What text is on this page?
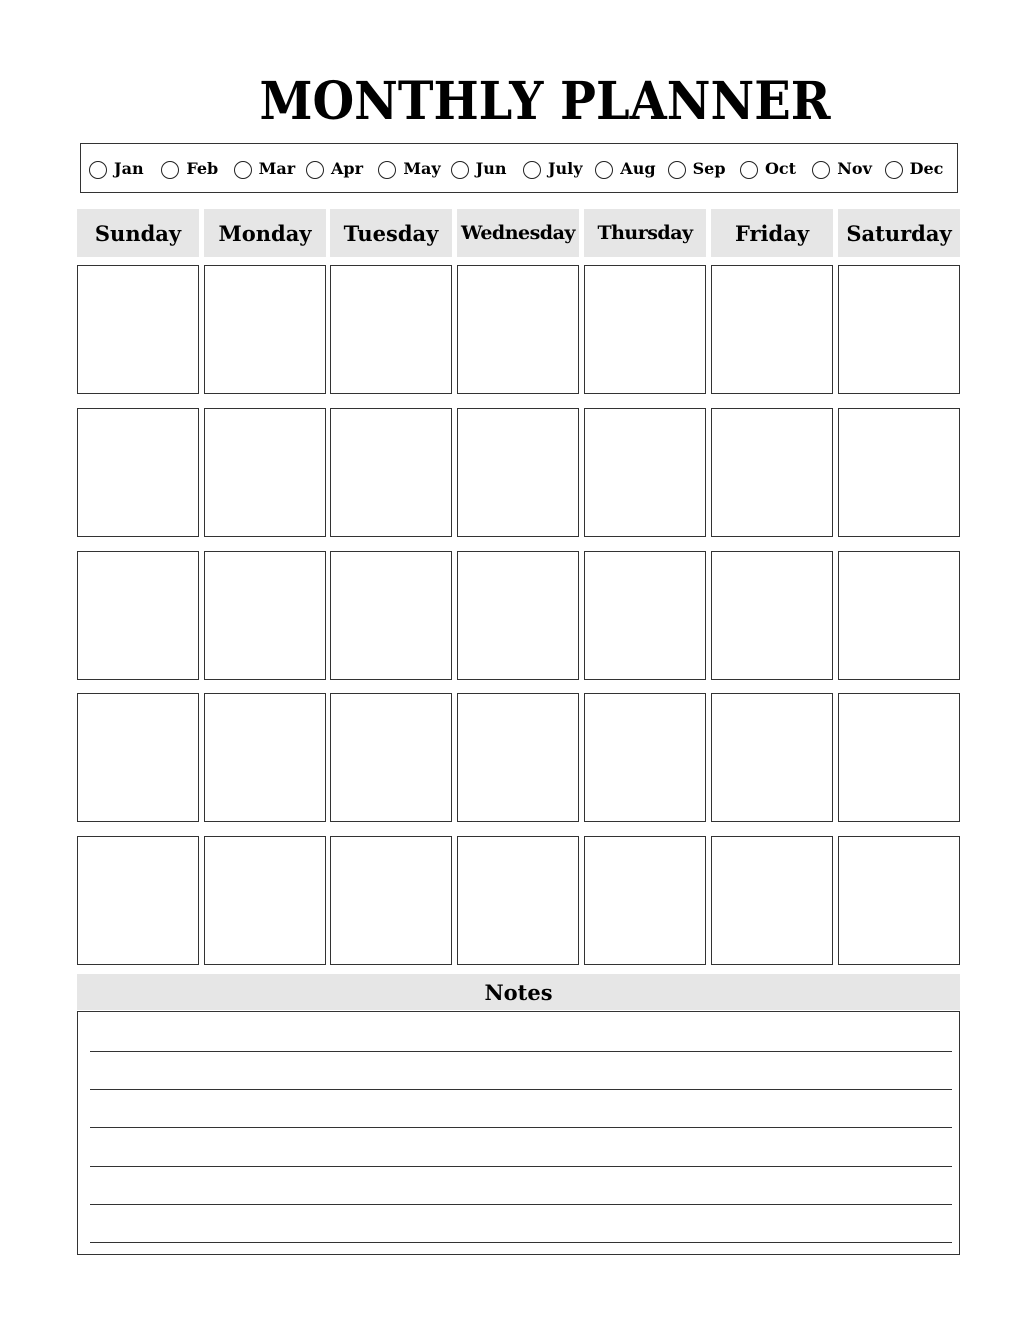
MONTHLY PLANNER
Jan	Feb	Mar Apr	May Jun	July Aug Sep Oct	Nov Dec
Sunday Monday Tuesday Wednesday Thursday Friday Saturday
Notes
